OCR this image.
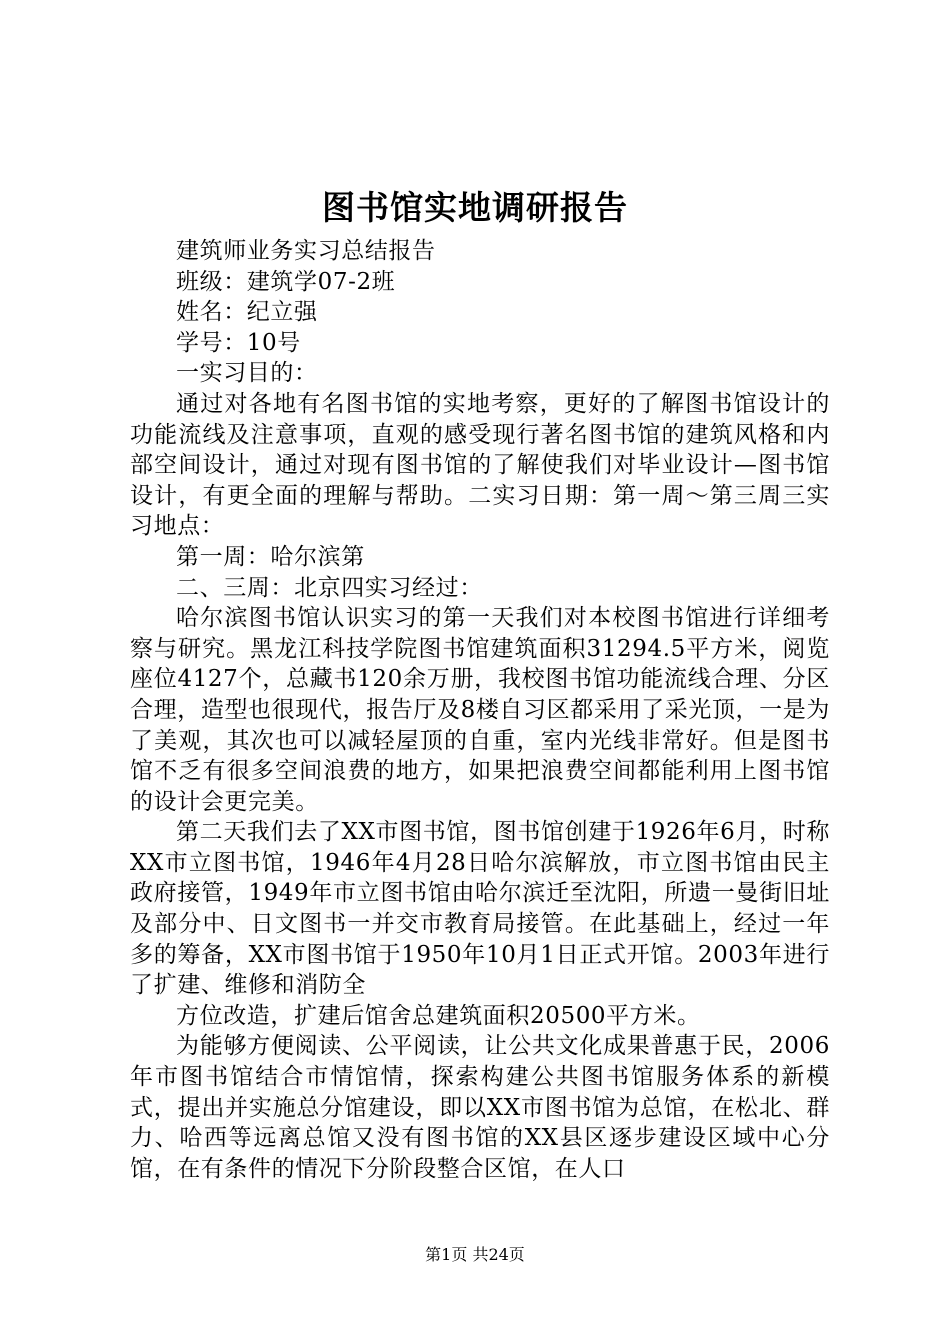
图书馆实地调研报告

建筑师业务实习总结报告

班级：建筑学07-2班

姓名：纪立强

学号：10号

一实习目的：

通过对各地有名图书馆的实地考察，更好的了解图书馆设计的功能流线及注意事项，直观的感受现行著名图书馆的建筑风格和内部空间设计，通过对现有图书馆的了解使我们对毕业设计—图书馆设计，有更全面的理解与帮助。二实习日期：第一周～第三周三实习地点：

第一周：哈尔滨第

二、三周：北京四实习经过：

哈尔滨图书馆认识实习的第一天我们对本校图书馆进行详细考察与研究。黑龙江科技学院图书馆建筑面积31294.5平方米，阅览座位4127个，总藏书120余万册，我校图书馆功能流线合理、分区合理，造型也很现代，报告厅及8楼自习区都采用了采光顶，一是为了美观，其次也可以减轻屋顶的自重，室内光线非常好。但是图书馆不乏有很多空间浪费的地方，如果把浪费空间都能利用上图书馆的设计会更完美。

第二天我们去了XX市图书馆，图书馆创建于1926年6月，时称XX市立图书馆，1946年4月28日哈尔滨解放，市立图书馆由民主政府接管，1949年市立图书馆由哈尔滨迁至沈阳，所遗一曼街旧址及部分中、日文图书一并交市教育局接管。在此基础上，经过一年多的筹备，XX市图书馆于1950年10月1日正式开馆。2003年进行了扩建、维修和消防全

方位改造，扩建后馆舍总建筑面积20500平方米。

为能够方便阅读、公平阅读，让公共文化成果普惠于民，2006年市图书馆结合市情馆情，探索构建公共图书馆服务体系的新模式，提出并实施总分馆建设，即以XX市图书馆为总馆，在松北、群力、哈西等远离总馆又没有图书馆的XX县区逐步建设区域中心分馆，在有条件的情况下分阶段整合区馆，在人口

第1页 共24页
